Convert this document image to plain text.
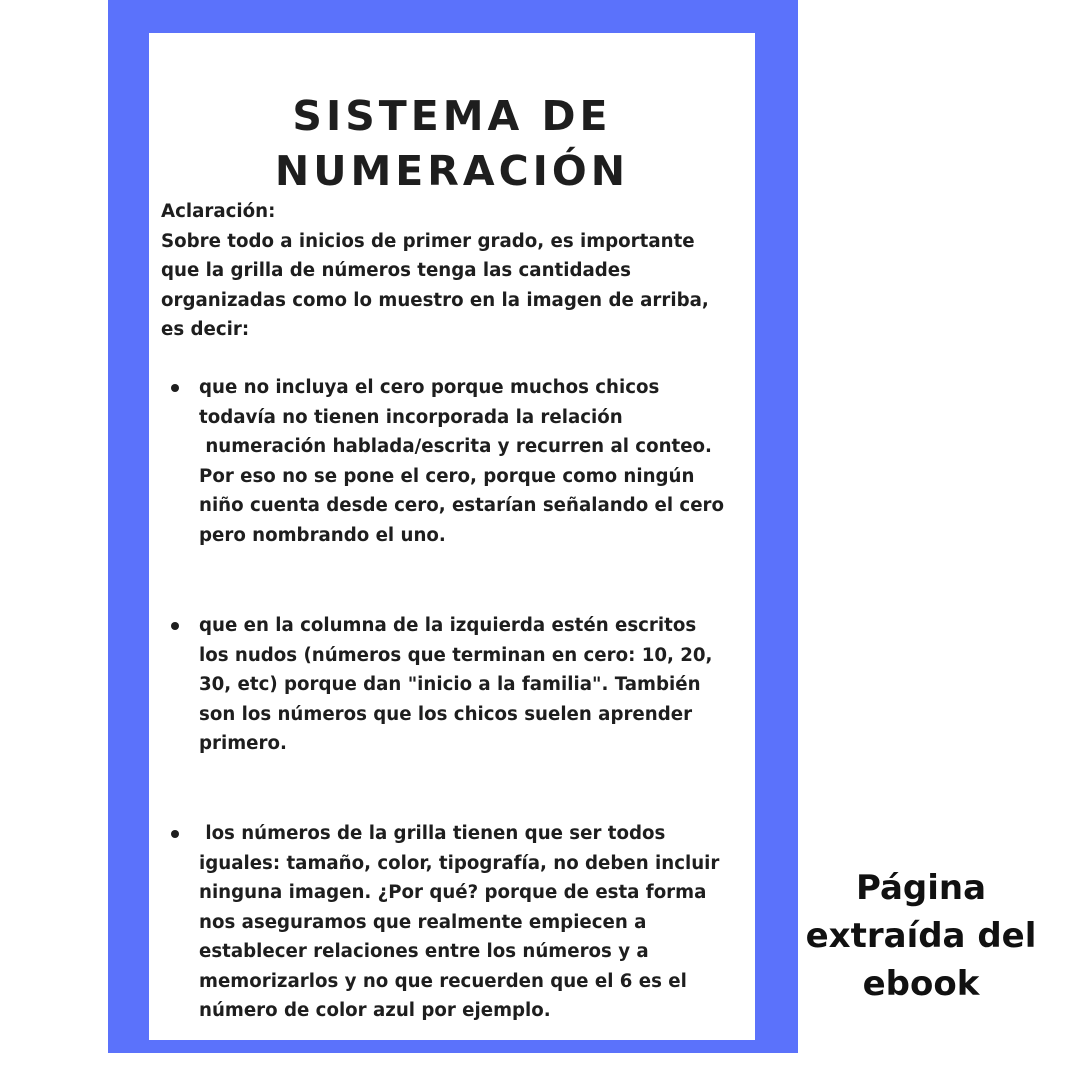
SISTEMA DE
NUMERACIÓN
Aclaración:
Sobre todo a inicios de primer grado, es importante
que la grilla de números tenga las cantidades
organizadas como lo muestro en la imagen de arriba,
es decir:
que no incluya el cero porque muchos chicos
todavía no tienen incorporada la relación
numeración hablada/escrita y recurren al conteo.
Por eso no se pone el cero, porque como ningún
niño cuenta desde cero, estarían señalando el cero
pero nombrando el uno.
que en la columna de la izquierda estén escritos
los nudos (números que terminan en cero: 10, 20,
30, etc) porque dan "inicio a la familia". También
son los números que los chicos suelen aprender
primero.
los números de la grilla tienen que ser todos
iguales: tamaño, color, tipografía, no deben incluir
ninguna imagen. ¿Por qué? porque de esta forma
nos aseguramos que realmente empiecen a
establecer relaciones entre los números y a
memorizarlos y no que recuerden que el 6 es el
número de color azul por ejemplo.
Página
extraída del
ebook
